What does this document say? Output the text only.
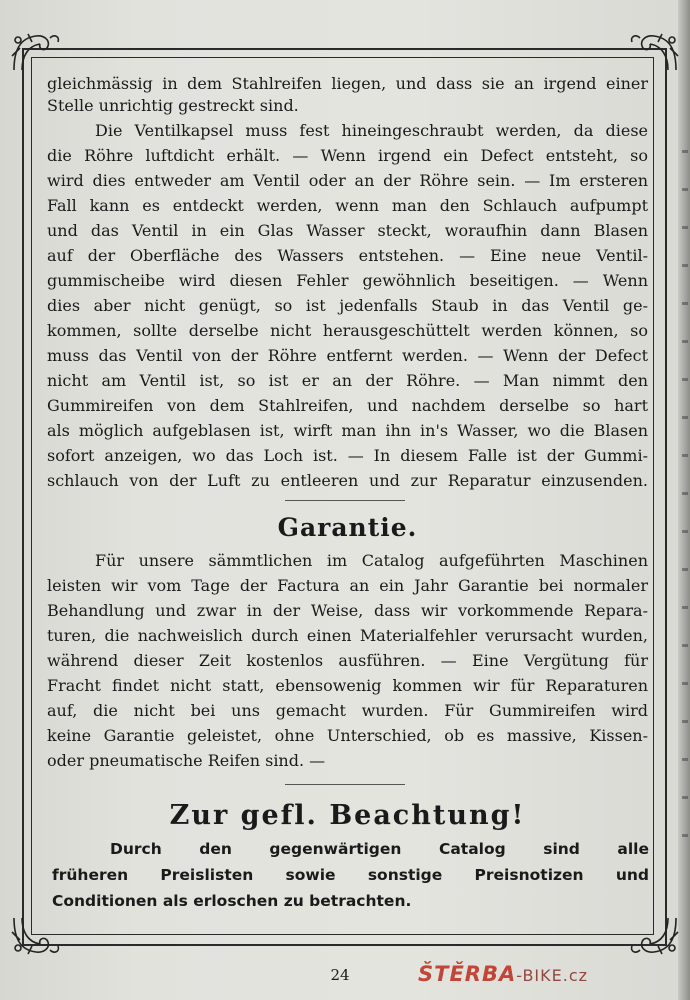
gleichmässig in dem Stahlreifen liegen, und dass sie an irgend einer
Stelle unrichtig gestreckt sind.
Die Ventilkapsel muss fest hineingeschraubt werden, da diese
die Röhre luftdicht erhält. — Wenn irgend ein Defect entsteht, so
wird dies entweder am Ventil oder an der Röhre sein. — Im ersteren
Fall kann es entdeckt werden, wenn man den Schlauch aufpumpt
und das Ventil in ein Glas Wasser steckt, woraufhin dann Blasen
auf der Oberfläche des Wassers entstehen. — Eine neue Ventil-
gummischeibe wird diesen Fehler gewöhnlich beseitigen. — Wenn
dies aber nicht genügt, so ist jedenfalls Staub in das Ventil ge-
kommen, sollte derselbe nicht herausgeschüttelt werden können, so
muss das Ventil von der Röhre entfernt werden. — Wenn der Defect
nicht am Ventil ist, so ist er an der Röhre. — Man nimmt den
Gummireifen von dem Stahlreifen, und nachdem derselbe so hart
als möglich aufgeblasen ist, wirft man ihn in's Wasser, wo die Blasen
sofort anzeigen, wo das Loch ist. — In diesem Falle ist der Gummi-
schlauch von der Luft zu entleeren und zur Reparatur einzusenden.
Garantie.
Für unsere sämmtlichen im Catalog aufgeführten Maschinen
leisten wir vom Tage der Factura an ein Jahr Garantie bei normaler
Behandlung und zwar in der Weise, dass wir vorkommende Repara-
turen, die nachweislich durch einen Materialfehler verursacht wurden,
während dieser Zeit kostenlos ausführen. — Eine Vergütung für
Fracht findet nicht statt, ebensowenig kommen wir für Reparaturen
auf, die nicht bei uns gemacht wurden. Für Gummireifen wird
keine Garantie geleistet, ohne Unterschied, ob es massive, Kissen-
oder pneumatische Reifen sind. —
Zur gefl. Beachtung!
Durch den gegenwärtigen Catalog sind alle
früheren Preislisten sowie sonstige Preisnotizen und
Conditionen als erloschen zu betrachten.
24	ŠTĚRBA-BIKE.cz
